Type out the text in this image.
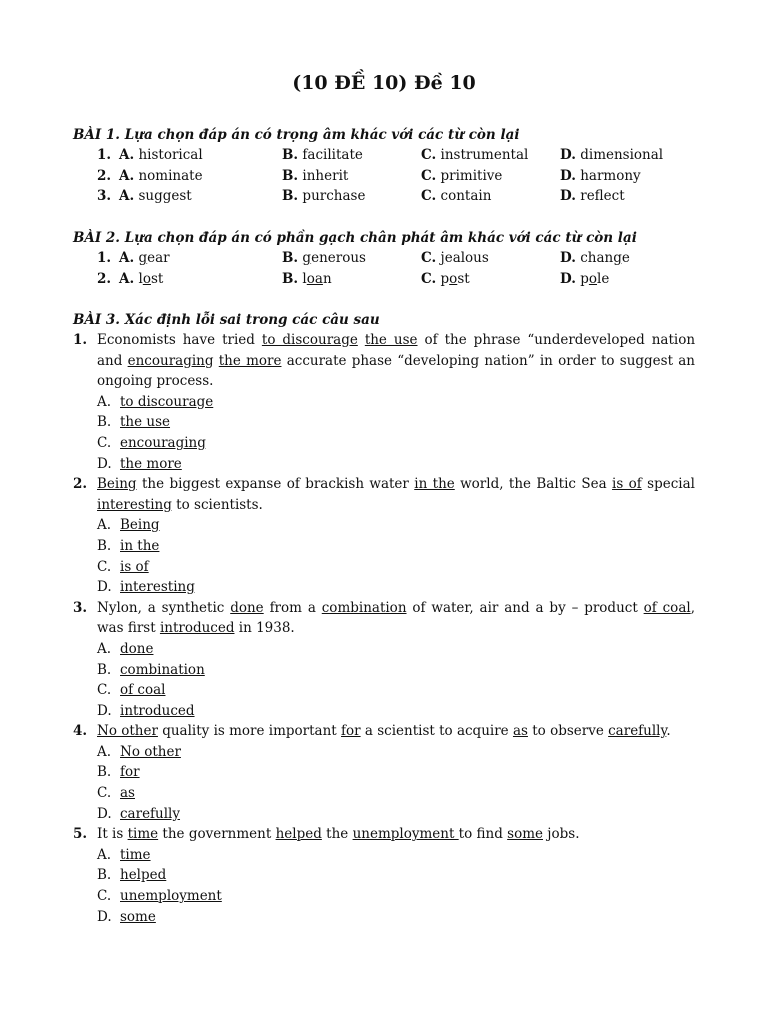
(10 ĐỀ 10) Đề 10
BÀI 1. Lựa chọn đáp án có trọng âm khác với các từ còn lại
1. A. historical	B. facilitate	C. instrumental D. dimensional
2. A. nominate	B. inherit	C. primitive	D. harmony
3. A. suggest	B. purchase	C. contain	D. reflect
BÀI 2. Lựa chọn đáp án có phần gạch chân phát âm khác với các từ còn lại
1. A. gear	B. generous	C. jealous	D. change
2. A. lost	B. loan	C. post	D. pole
BÀI 3. Xác định lỗi sai trong các câu sau
1. Economists have tried to discourage the use of the phrase “underdeveloped nation and encouraging the more accurate phase “developing nation” in order to suggest an ongoing process.
A. to discourage
B. the use
C. encouraging
D. the more
2. Being the biggest expanse of brackish water in the world, the Baltic Sea is of special interesting to scientists.
A. Being
B. in the
C. is of
D. interesting
3. Nylon, a synthetic done from a combination of water, air and a by – product of coal, was first introduced in 1938.
A. done
B. combination
C. of coal
D. introduced
4. No other quality is more important for a scientist to acquire as to observe carefully.
A. No other
B. for
C. as
D. carefully
5. It is time the government helped the unemployment to find some jobs.
A. time
B. helped
C. unemployment
D. some
